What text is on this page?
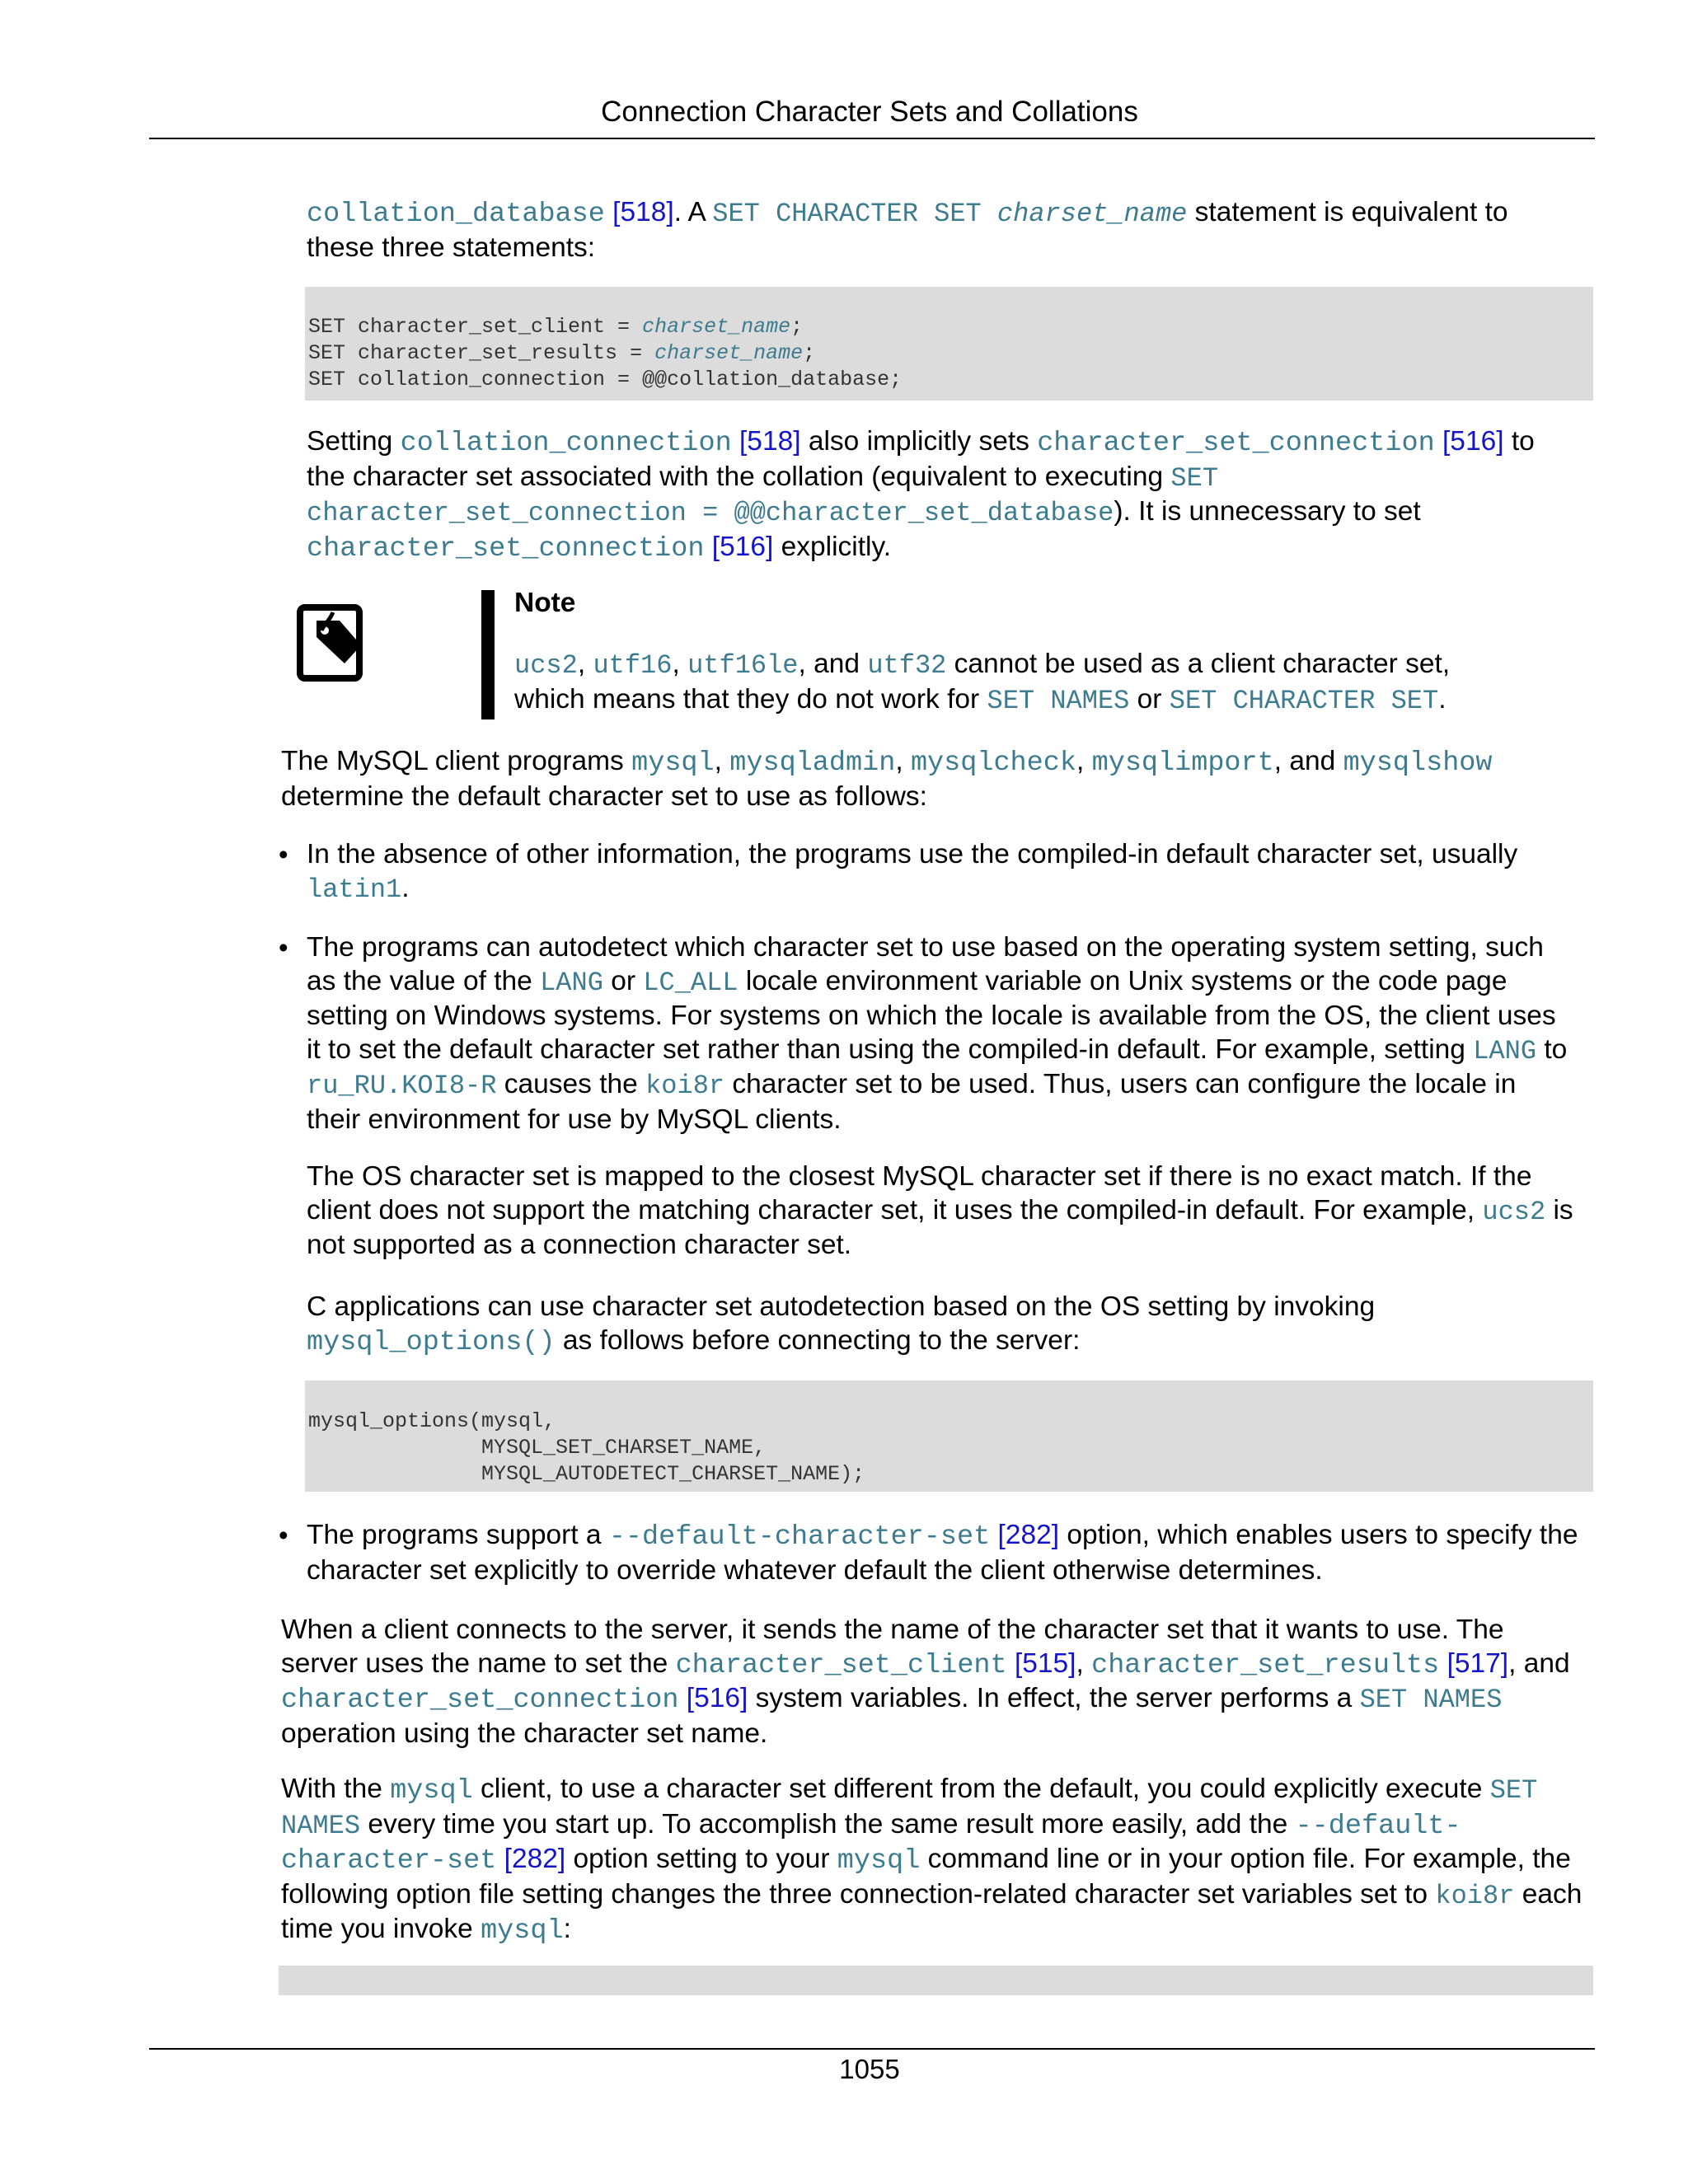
Connection Character Sets and Collations

collation_database [518]. A SET CHARACTER SET charset_name statement is equivalent to these three statements:

SET character_set_client = charset_name;
SET character_set_results = charset_name;
SET collation_connection = @@collation_database;

Setting collation_connection [518] also implicitly sets character_set_connection [516] to the character set associated with the collation (equivalent to executing SET character_set_connection = @@character_set_database). It is unnecessary to set character_set_connection [516] explicitly.

Note

ucs2, utf16, utf16le, and utf32 cannot be used as a client character set, which means that they do not work for SET NAMES or SET CHARACTER SET.

The MySQL client programs mysql, mysqladmin, mysqlcheck, mysqlimport, and mysqlshow determine the default character set to use as follows:

• In the absence of other information, the programs use the compiled-in default character set, usually latin1.

• The programs can autodetect which character set to use based on the operating system setting, such as the value of the LANG or LC_ALL locale environment variable on Unix systems or the code page setting on Windows systems. For systems on which the locale is available from the OS, the client uses it to set the default character set rather than using the compiled-in default. For example, setting LANG to ru_RU.KOI8-R causes the koi8r character set to be used. Thus, users can configure the locale in their environment for use by MySQL clients.

The OS character set is mapped to the closest MySQL character set if there is no exact match. If the client does not support the matching character set, it uses the compiled-in default. For example, ucs2 is not supported as a connection character set.

C applications can use character set autodetection based on the OS setting by invoking mysql_options() as follows before connecting to the server:

mysql_options(mysql,
MYSQL_SET_CHARSET_NAME,
MYSQL_AUTODETECT_CHARSET_NAME);
• The programs support a --default-character-set [282] option, which enables users to specify the character set explicitly to override whatever default the client otherwise determines.

When a client connects to the server, it sends the name of the character set that it wants to use. The server uses the name to set the character_set_client [515], character_set_results [517], and character_set_connection [516] system variables. In effect, the server performs a SET NAMES operation using the character set name.

With the mysql client, to use a character set different from the default, you could explicitly execute SET NAMES every time you start up. To accomplish the same result more easily, add the --default-character-set [282] option setting to your mysql command line or in your option file. For example, the following option file setting changes the three connection-related character set variables set to koi8r each time you invoke mysql:

1055
